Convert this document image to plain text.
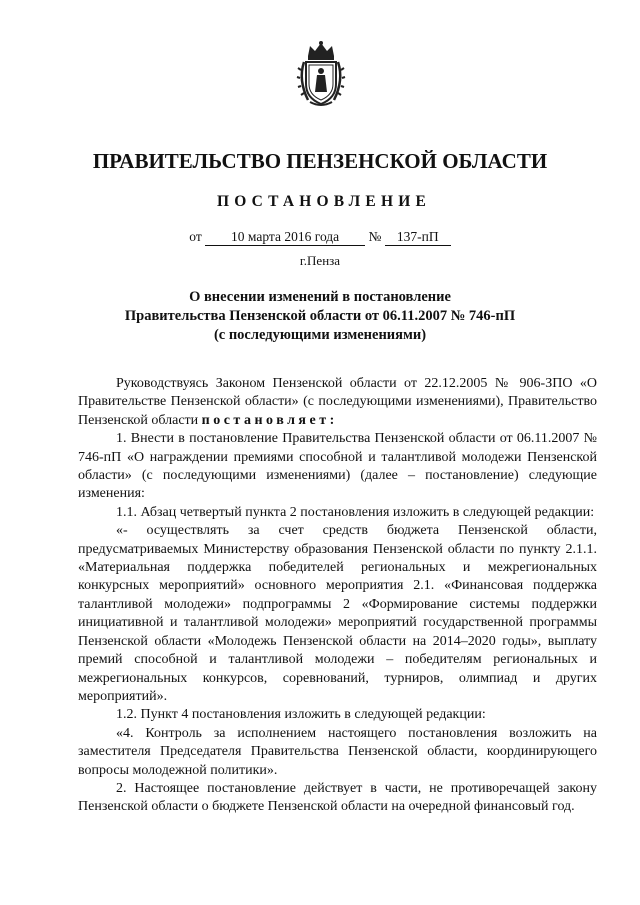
ПРАВИТЕЛЬСТВО ПЕНЗЕНСКОЙ ОБЛАСТИ
ПОСТАНОВЛЕНИЕ
от 10 марта 2016 года № 137-пП
г.Пенза
О внесении изменений в постановление
Правительства Пензенской области от 06.11.2007 № 746-пП
(с последующими изменениями)

Руководствуясь Законом Пензенской области от 22.12.2005 № 906-ЗПО «О Правительстве Пензенской области» (с последующими изменениями), Правительство Пензенской области постановляет:

1. Внести в постановление Правительства Пензенской области от 06.11.2007 № 746-пП «О награждении премиями способной и талантливой молодежи Пензенской области» (с последующими изменениями) (далее – постановление) следующие изменения:

1.1. Абзац четвертый пункта 2 постановления изложить в следующей редакции:

«- осуществлять за счет средств бюджета Пензенской области, предусматриваемых Министерству образования Пензенской области по пункту 2.1.1. «Материальная поддержка победителей региональных и межрегиональных конкурсных мероприятий» основного мероприятия 2.1. «Финансовая поддержка талантливой молодежи» подпрограммы 2 «Формирование системы поддержки инициативной и талантливой молодежи» мероприятий государственной программы Пензенской области «Молодежь Пензенской области на 2014–2020 годы», выплату премий способной и талантливой молодежи – победителям региональных и межрегиональных конкурсов, соревнований, турниров, олимпиад и других мероприятий».

1.2. Пункт 4 постановления изложить в следующей редакции:

«4. Контроль за исполнением настоящего постановления возложить на заместителя Председателя Правительства Пензенской области, координирующего вопросы молодежной политики».

2. Настоящее постановление действует в части, не противоречащей закону Пензенской области о бюджете Пензенской области на очередной финансовый год.
